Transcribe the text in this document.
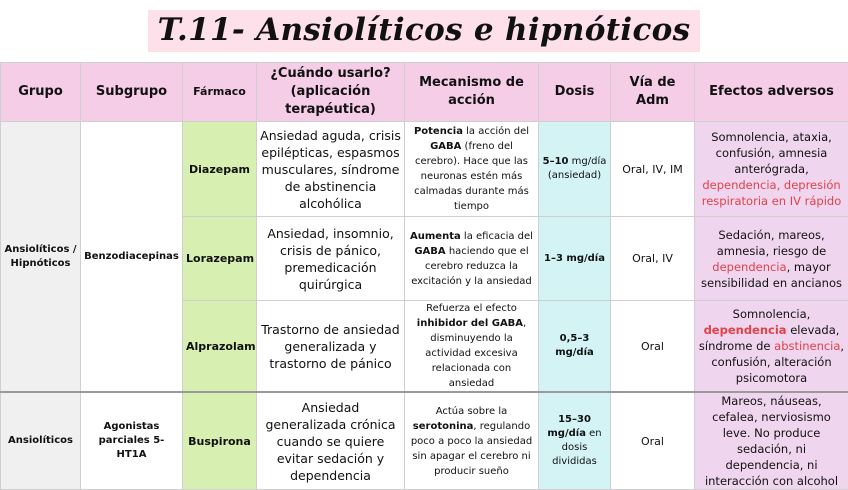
T.11- Ansiolíticos e hipnóticos
Grupo	Subgrupo	Fármaco	¿Cuándo usarlo? (aplicación terapéutica)	Mecanismo de acción	Dosis	Vía de Adm	Efectos adversos
Ansiolíticos / Hipnóticos	Benzodiacepinas	Diazepam	Ansiedad aguda, crisis epilépticas, espasmos musculares, síndrome de abstinencia alcohólica	Potencia la acción del GABA (freno del cerebro). Hace que las neuronas estén más calmadas durante más tiempo	5–10 mg/día (ansiedad)	Oral, IV, IM	Somnolencia, ataxia, confusión, amnesia anterógrada, dependencia, depresión respiratoria en IV rápido
		Lorazepam	Ansiedad, insomnio, crisis de pánico, premedicación quirúrgica	Aumenta la eficacia del GABA haciendo que el cerebro reduzca la excitación y la ansiedad	1–3 mg/día	Oral, IV	Sedación, mareos, amnesia, riesgo de dependencia, mayor sensibilidad en ancianos
		Alprazolam	Trastorno de ansiedad generalizada y trastorno de pánico	Refuerza el efecto inhibidor del GABA, disminuyendo la actividad excesiva relacionada con ansiedad	0,5–3 mg/día	Oral	Somnolencia, dependencia elevada, síndrome de abstinencia, confusión, alteración psicomotora
Ansiolíticos	Agonistas parciales 5-HT1A	Buspirona	Ansiedad generalizada crónica cuando se quiere evitar sedación y dependencia	Actúa sobre la serotonina, regulando poco a poco la ansiedad sin apagar el cerebro ni producir sueño	15–30 mg/día en dosis divididas	Oral	Mareos, náuseas, cefalea, nerviosismo leve. No produce sedación, ni dependencia, ni interacción con alcohol
